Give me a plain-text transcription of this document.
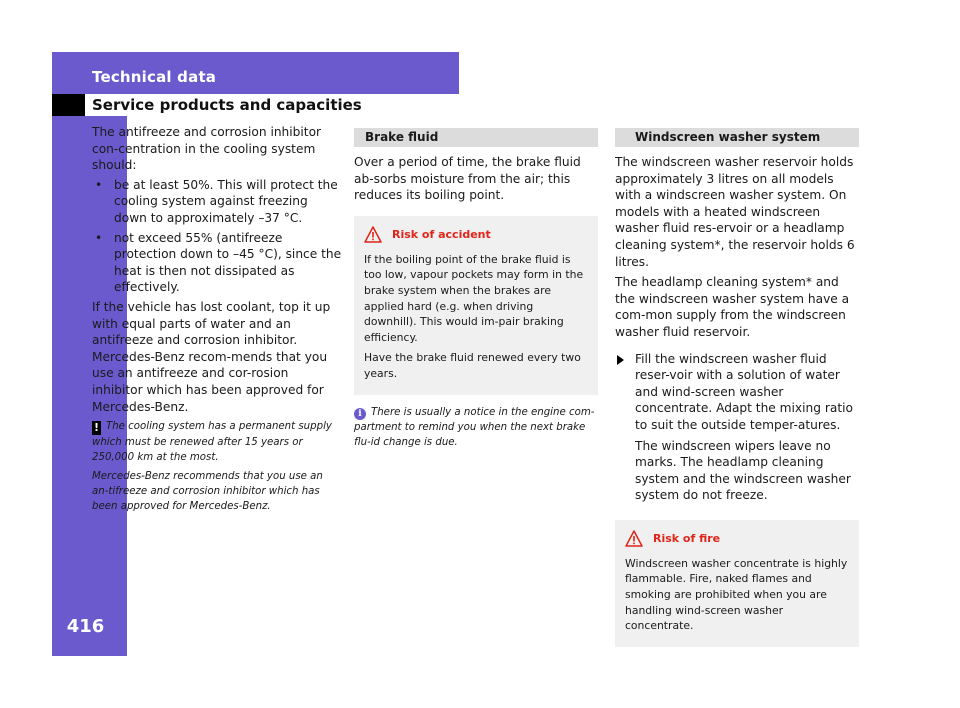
Technical data
Service products and capacities
416

The antifreeze and corrosion inhibitor con-centration in the cooling system should:

• be at least 50%. This will protect the cooling system against freezing down to approximately –37 °C.
• not exceed 55% (antifreeze protection down to –45 °C), since the heat is then not dissipated as effectively.

If the vehicle has lost coolant, top it up with equal parts of water and an antifreeze and corrosion inhibitor. Mercedes-Benz recom-mends that you use an antifreeze and cor-rosion inhibitor which has been approved for Mercedes-Benz.

! The cooling system has a permanent supply which must be renewed after 15 years or 250,000 km at the most.

Mercedes-Benz recommends that you use an an-tifreeze and corrosion inhibitor which has been approved for Mercedes-Benz.

Brake fluid

Over a period of time, the brake fluid ab-sorbs moisture from the air; this reduces its boiling point.

Risk of accident

If the boiling point of the brake fluid is too low, vapour pockets may form in the brake system when the brakes are applied hard (e.g. when driving downhill). This would im-pair braking efficiency.

Have the brake fluid renewed every two years.

i There is usually a notice in the engine com-partment to remind you when the next brake flu-id change is due.

Windscreen washer system

The windscreen washer reservoir holds approximately 3 litres on all models with a windscreen washer system. On models with a heated windscreen washer fluid res-ervoir or a headlamp cleaning system*, the reservoir holds 6 litres.

The headlamp cleaning system* and the windscreen washer system have a com-mon supply from the windscreen washer fluid reservoir.

Fill the windscreen washer fluid reser-voir with a solution of water and wind-screen washer concentrate. Adapt the mixing ratio to suit the outside temper-atures.

The windscreen wipers leave no marks. The headlamp cleaning system and the windscreen washer system do not freeze.

Risk of fire

Windscreen washer concentrate is highly flammable. Fire, naked flames and smoking are prohibited when you are handling wind-screen washer concentrate.
